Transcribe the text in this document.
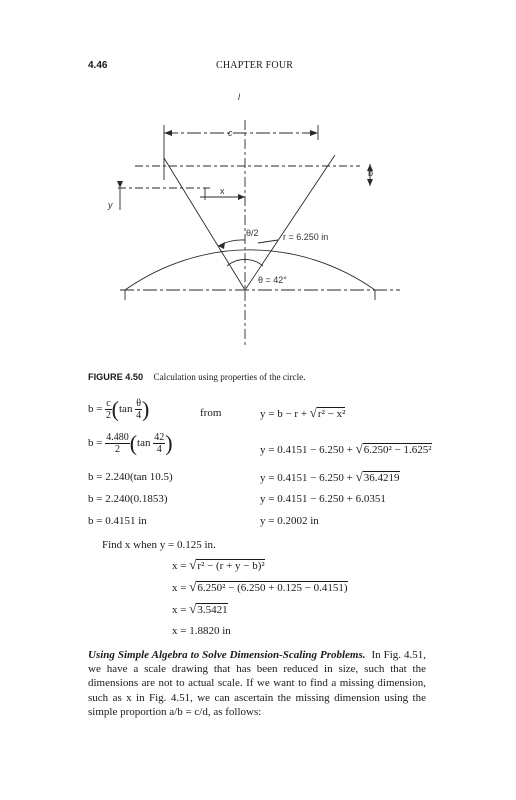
4.46	CHAPTER FOUR
l
c
b
y
x
θ/2	r = 6.250 in
θ = 42°
FIGURE 4.50 Calculation using properties of the circle.
$b = \frac{c}{2} (\tan \frac{\theta}{4}$ )	from	y = b − r + √r² − x²
$b = \frac{4.480}{2} (\tan \frac{42}{4}$ )	y = 0.4151 − 6.250 + √6.250² − 1.625²
b = 2.240(tan 10.5)	y = 0.4151 − 6.250 + √36.4219
b = 2.240(0.1853)	y = 0.4151 − 6.250 + 6.0351
b = 0.4151 in	y = 0.2002 in
Find x when y = 0.125 in.
x = √r² − (r + y − b)²
x = √6.250² − (6.250 + 0.125 − 0.4151)
x = √3.5421
x = 1.8820 in
Using Simple Algebra to Solve Dimension-Scaling Problems. In Fig. 4.51, we have a scale drawing that has been reduced in size, such that the dimensions are not to actual scale. If we want to find a missing dimension, such as x in Fig. 4.51, we can ascertain the missing dimension using the simple proportion a/b = c/d, as follows:
